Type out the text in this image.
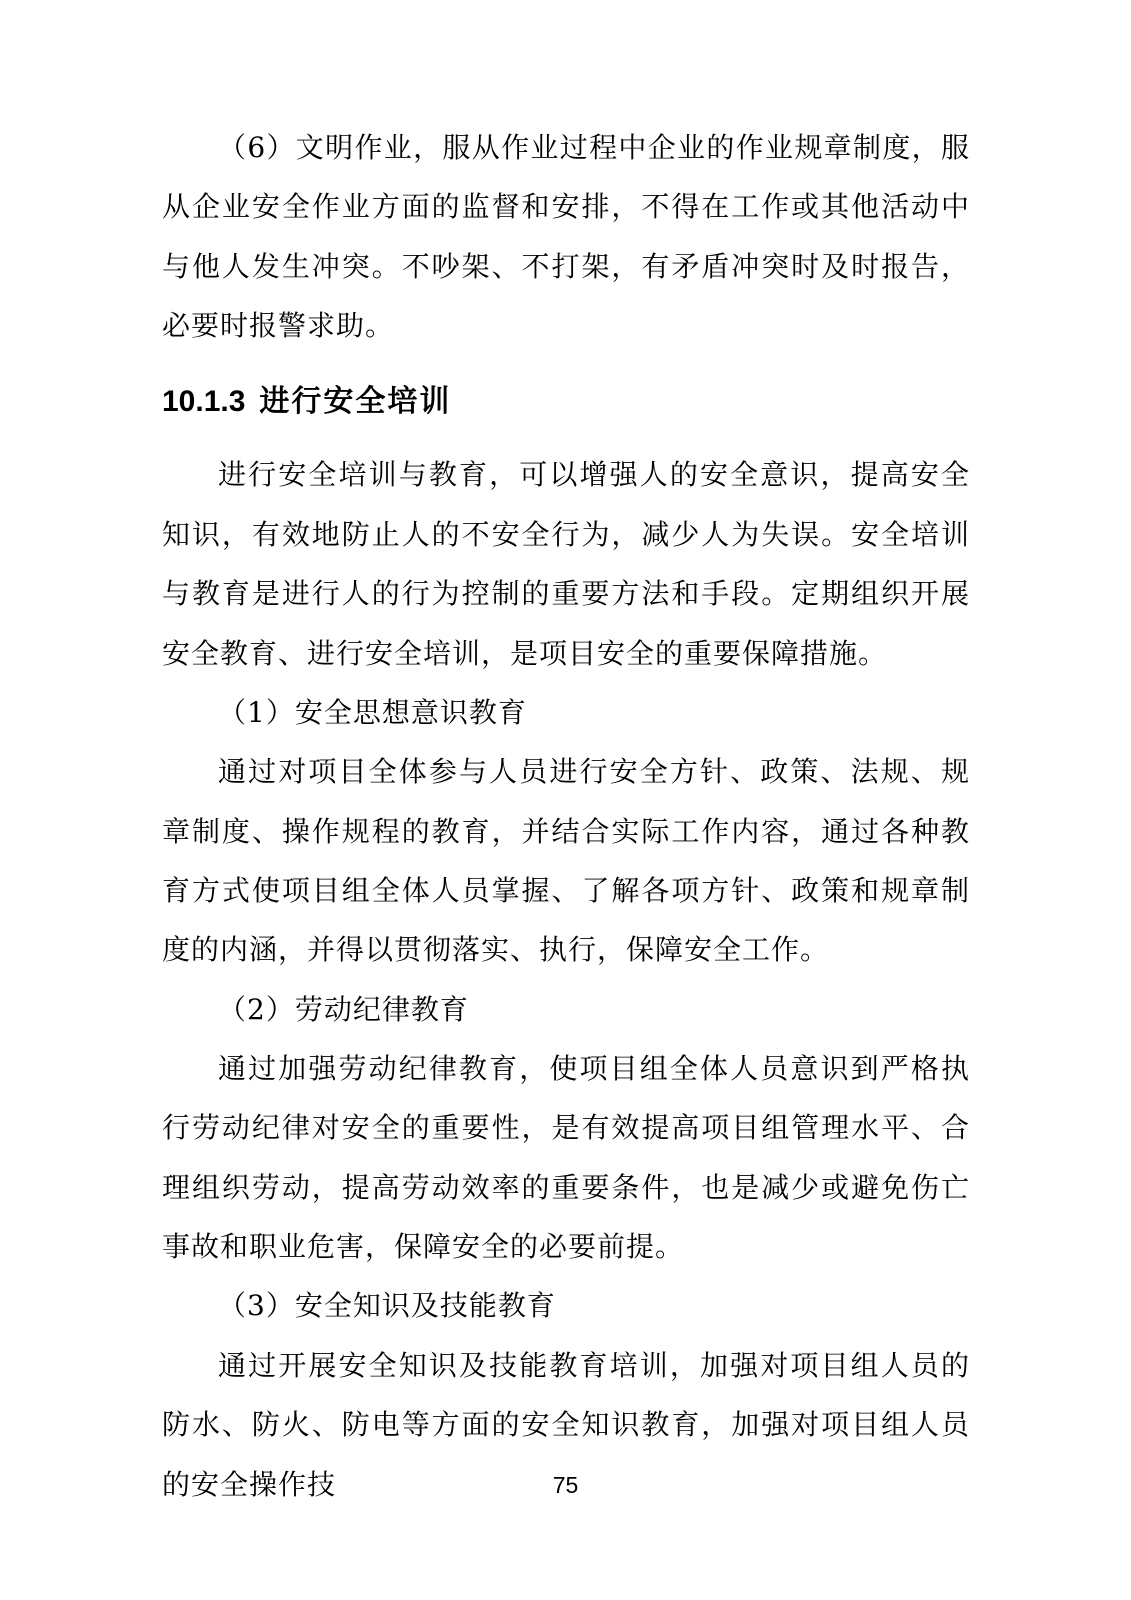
（6）文明作业，服从作业过程中企业的作业规章制度，服从企业安全作业方面的监督和安排，不得在工作或其他活动中与他人发生冲突。不吵架、不打架，有矛盾冲突时及时报告，必要时报警求助。

10.1.3 进行安全培训

进行安全培训与教育，可以增强人的安全意识，提高安全知识，有效地防止人的不安全行为，减少人为失误。安全培训与教育是进行人的行为控制的重要方法和手段。定期组织开展安全教育、进行安全培训，是项目安全的重要保障措施。

（1）安全思想意识教育

通过对项目全体参与人员进行安全方针、政策、法规、规章制度、操作规程的教育，并结合实际工作内容，通过各种教育方式使项目组全体人员掌握、了解各项方针、政策和规章制度的内涵，并得以贯彻落实、执行，保障安全工作。

（2）劳动纪律教育

通过加强劳动纪律教育，使项目组全体人员意识到严格执行劳动纪律对安全的重要性，是有效提高项目组管理水平、合理组织劳动，提高劳动效率的重要条件，也是减少或避免伤亡事故和职业危害，保障安全的必要前提。

（3）安全知识及技能教育

通过开展安全知识及技能教育培训，加强对项目组人员的防水、防火、防电等方面的安全知识教育，加强对项目组人员的安全操作技	75
